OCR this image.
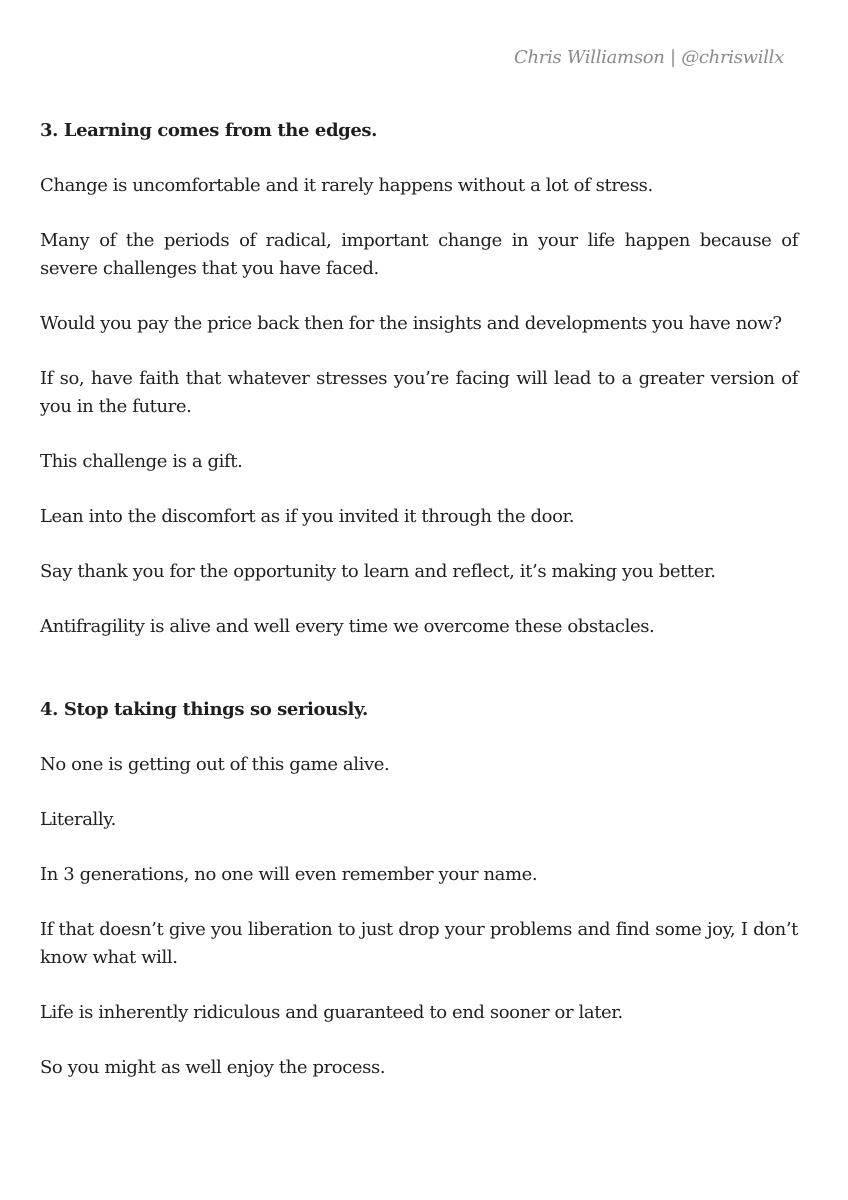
Chris Williamson | @chriswillx

3. Learning comes from the edges.

Change is uncomfortable and it rarely happens without a lot of stress.

Many of the periods of radical, important change in your life happen because of severe challenges that you have faced.

Would you pay the price back then for the insights and developments you have now?

If so, have faith that whatever stresses you’re facing will lead to a greater version of you in the future.

This challenge is a gift.

Lean into the discomfort as if you invited it through the door.

Say thank you for the opportunity to learn and reflect, it’s making you better.

Antifragility is alive and well every time we overcome these obstacles.

4. Stop taking things so seriously.

No one is getting out of this game alive.

Literally.

In 3 generations, no one will even remember your name.

If that doesn’t give you liberation to just drop your problems and find some joy, I don’t know what will.

Life is inherently ridiculous and guaranteed to end sooner or later.

So you might as well enjoy the process.
